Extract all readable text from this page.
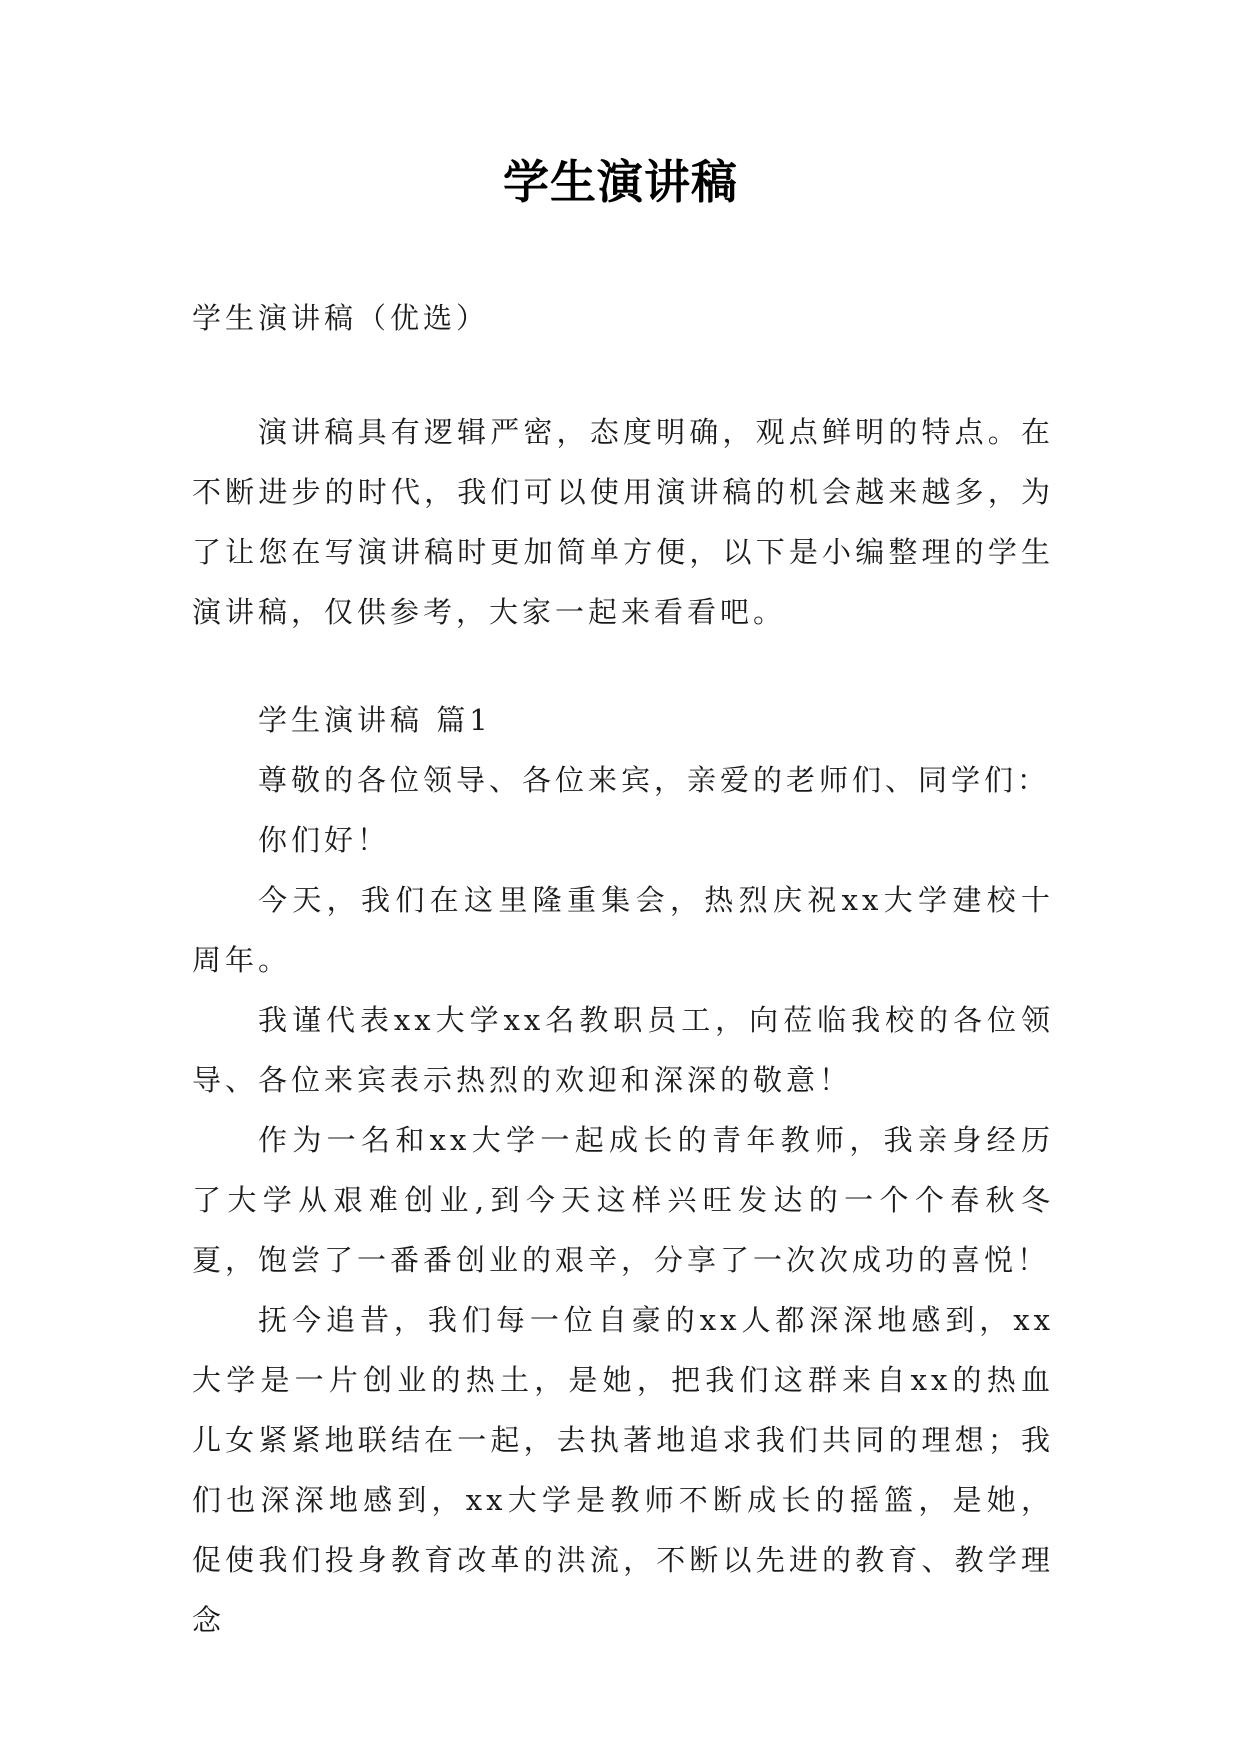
学生演讲稿
学生演讲稿（优选）

演讲稿具有逻辑严密，态度明确，观点鲜明的特点。在不断进步的时代，我们可以使用演讲稿的机会越来越多，为了让您在写演讲稿时更加简单方便，以下是小编整理的学生演讲稿，仅供参考，大家一起来看看吧。

学生演讲稿 篇1

尊敬的各位领导、各位来宾，亲爱的老师们、同学们：

你们好！

今天，我们在这里隆重集会，热烈庆祝xx大学建校十周年。

我谨代表xx大学xx名教职员工，向莅临我校的各位领导、各位来宾表示热烈的欢迎和深深的敬意！

作为一名和xx大学一起成长的青年教师，我亲身经历了大学从艰难创业,到今天这样兴旺发达的一个个春秋冬夏，饱尝了一番番创业的艰辛，分享了一次次成功的喜悦！

抚今追昔，我们每一位自豪的xx人都深深地感到，xx大学是一片创业的热土，是她，把我们这群来自xx的热血儿女紧紧地联结在一起，去执著地追求我们共同的理想；我们也深深地感到，xx大学是教师不断成长的摇篮，是她，促使我们投身教育改革的洪流，不断以先进的教育、教学理念
